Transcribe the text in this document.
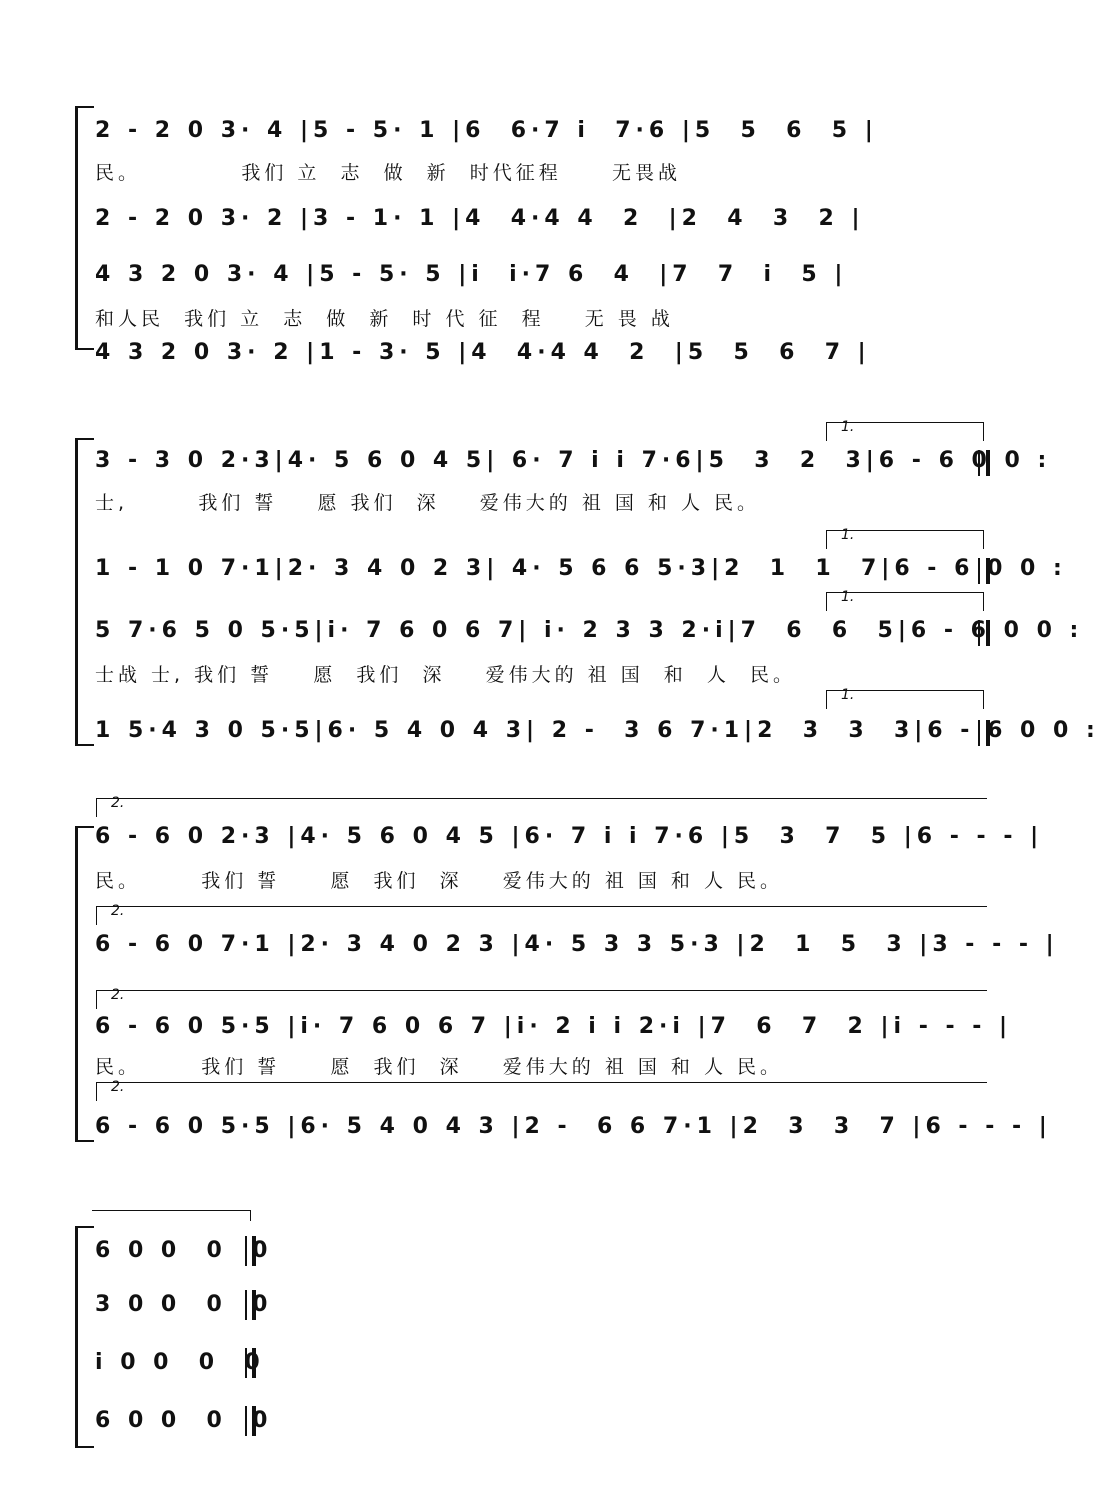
2 - 2 0 3· 4 |5 - 5· 1 |6  6·7 i  7·6 |5  5  6  5 |
民。          我们 立  志  做  新  时代征程     无畏战
2 - 2 0 3· 2 |3 - 1· 1 |4  4·4 4  2  |2  4  3  2 |
4 3 2 0 3· 4 |5 - 5· 5 |i  i·7 6  4  |7  7  i  5 |
和人民  我们 立  志  做  新  时 代 征  程    无 畏 战
4 3 2 0 3· 2 |1 - 3· 5 |4  4·4 4  2  |5  5  6  7 |
1.
3 - 3 0 2·3|4· 5 6 0 4 5| 6· 7 i i 7·6|5  3  2  3|6 - 6 0 0 :
士,       我们 誓    愿 我们  深    爱伟大的 祖 国 和 人 民。
1.
1 - 1 0 7·1|2· 3 4 0 2 3| 4· 5 6 6 5·3|2  1  1  7|6 - 6 0 0 :
1.
5 7·6 5 0 5·5|i· 7 6 0 6 7| i· 2 3 3 2·i|7  6  6  5|6 - 6 0 0 :
士战 士, 我们 誓    愿  我们  深    爱伟大的 祖 国  和  人  民。
1.
1 5·4 3 0 5·5|6· 5 4 0 4 3| 2 -  3 6 7·1|2  3  3  3|6 - 6 0 0 :
2.
6 - 6 0 2·3 |4· 5 6 0 4 5 |6· 7 i i 7·6 |5  3  7  5 |6 - - - |
民。      我们 誓     愿  我们  深    爱伟大的 祖 国 和 人 民。
2.
6 - 6 0 7·1 |2· 3 4 0 2 3 |4· 5 3 3 5·3 |2  1  5  3 |3 - - - |
2.
6 - 6 0 5·5 |i· 7 6 0 6 7 |i· 2 i i 2·i |7  6  7  2 |i - - - |
民。      我们 誓     愿  我们  深    爱伟大的 祖 国 和 人 民。
2.
6 - 6 0 5·5 |6· 5 4 0 4 3 |2 -  6 6 7·1 |2  3  3  7 |6 - - - |
6 0 0  0  0
3 0 0  0  0
i 0 0  0  0
6 0 0  0  0
